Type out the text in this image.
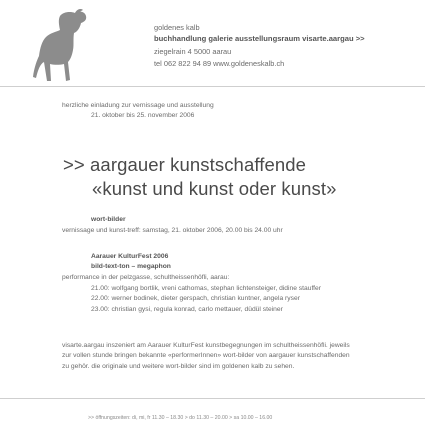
goldenes kalb
buchhandlung galerie ausstellungsraum visarte.aargau >>
ziegelrain 4 5000 aarau
tel 062 822 94 89 www.goldeneskalb.ch
herzliche einladung zur vernissage und ausstellung
21. oktober bis 25. november 2006
>> aargauer kunstschaffende
«kunst und kunst oder kunst»
wort-bilder
vernissage und kunst-treff: samstag, 21. oktober 2006, 20.00 bis 24.00 uhr
Aarauer KulturFest 2006
bild-text-ton – megaphon
performance in der pelzgasse, schultheissenhöfli, aarau:
21.00: wolfgang bortlik, vreni cathomas, stephan lichtensteiger, didine stauffer
22.00: werner bodinek, dieter gerspach, christian kuntner, angela ryser
23.00: christian gysi, regula konrad, carlo mettauer, düdül steiner
visarte.aargau inszeniert am Aarauer KulturFest kunstbegegnungen im schultheissenhöfli. jeweils
zur vollen stunde bringen bekannte «performerInnen» wort-bilder von aargauer kunstschaffenden
zu gehör. die originale und weitere wort-bilder sind im goldenen kalb zu sehen.
>> öffnungszeiten: di, mi, fr 11.30 – 18.30 > do 11.30 – 20.00 > sa 10.00 – 16.00
